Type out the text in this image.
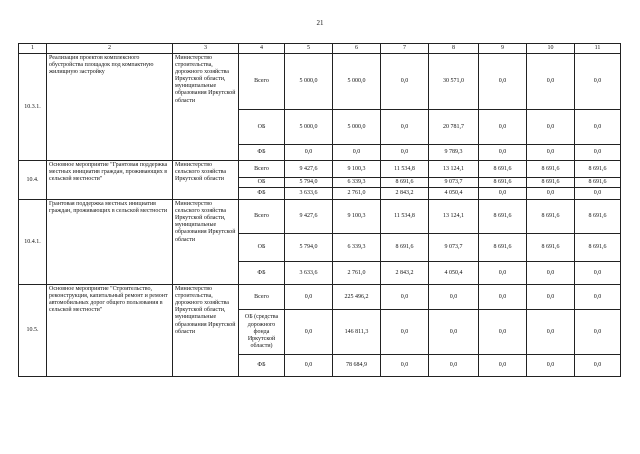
21
1	2	3	4	5	6	7	8	9	10	11
10.3.1.	Реализация проектов комплексного обустройства площадок под компактную жилищную застройку	Министерство строительства, дорожного хозяйства Иркутской области, муниципальные образования Иркутской области	Всего	5 000,0	5 000,0	0,0	30 571,0	0,0	0,0	0,0
			ОБ	5 000,0	5 000,0	0,0	20 781,7	0,0	0,0	0,0
			ФБ	0,0	0,0	0,0	9 789,3	0,0	0,0	0,0
10.4.	Основное мероприятие "Грантовая поддержка местных инициатив граждан, проживающих в сельской местности"	Министерство сельского хозяйства Иркутской области	Всего	9 427,6	9 100,3	11 534,8	13 124,1	8 691,6	8 691,6	8 691,6
			ОБ	5 794,0	6 339,3	8 691,6	9 073,7	8 691,6	8 691,6	8 691,6
			ФБ	3 633,6	2 761,0	2 843,2	4 050,4	0,0	0,0	0,0
10.4.1.	Грантовая поддержка местных инициатив граждан, проживающих в сельской местности	Министерство сельского хозяйства Иркутской области, муниципальные образования Иркутской области	Всего	9 427,6	9 100,3	11 534,8	13 124,1	8 691,6	8 691,6	8 691,6
			ОБ	5 794,0	6 339,3	8 691,6	9 073,7	8 691,6	8 691,6	8 691,6
			ФБ	3 633,6	2 761,0	2 843,2	4 050,4	0,0	0,0	0,0
10.5.	Основное мероприятие "Строительство, реконструкция, капитальный ремонт и ремонт автомобильных дорог общего пользования в сельской местности"	Министерство строительства, дорожного хозяйства Иркутской области, муниципальные образования Иркутской области	Всего	0,0	225 496,2	0,0	0,0	0,0	0,0	0,0
			ОБ (средства дорожного фонда Иркутской области)	0,0	146 811,3	0,0	0,0	0,0	0,0	0,0
			ФБ	0,0	78 684,9	0,0	0,0	0,0	0,0	0,0
